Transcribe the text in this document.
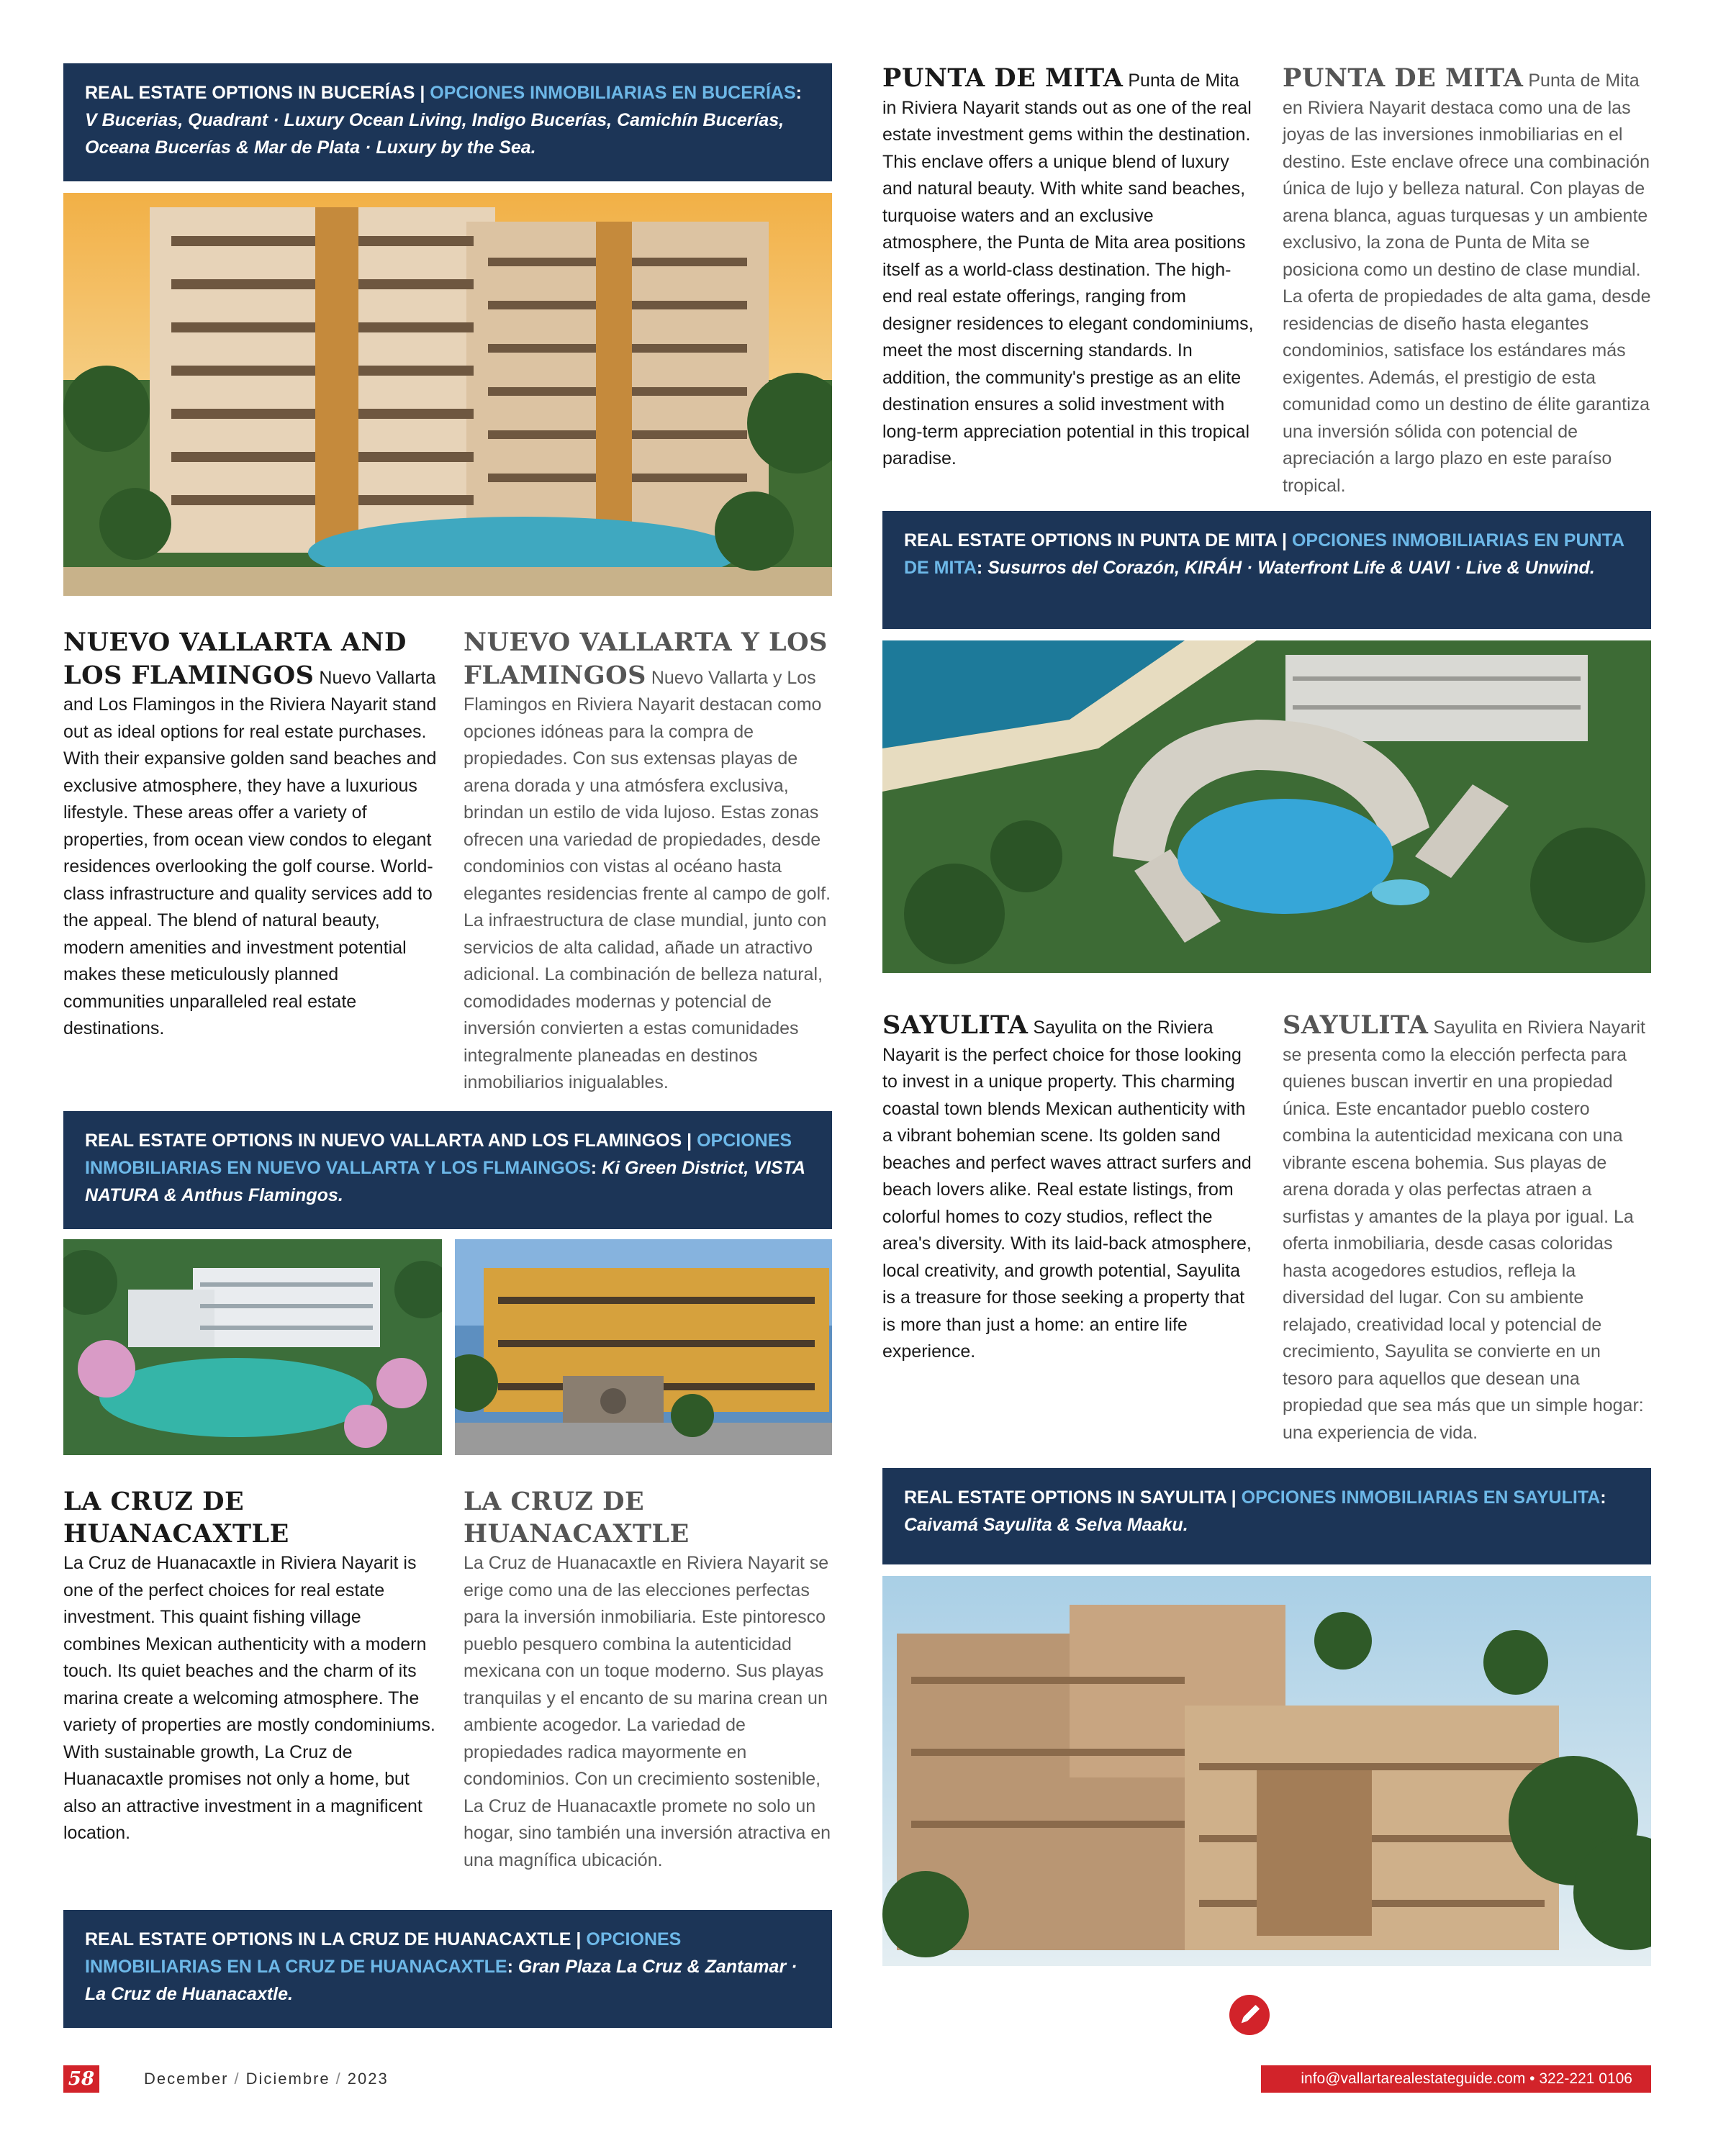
REAL ESTATE OPTIONS IN BUCERÍAS | OPCIONES INMOBILIARIAS EN BUCERÍAS: V Bucerias, Quadrant · Luxury Ocean Living, Indigo Bucerías, Camichín Bucerías, Oceana Bucerías & Mar de Plata · Luxury by the Sea.
NUEVO VALLARTA AND LOS FLAMINGOS Nuevo Vallarta and Los Flamingos in the Riviera Nayarit stand out as ideal options for real estate purchases. With their expansive golden sand beaches and exclusive atmosphere, they have a luxurious lifestyle. These areas offer a variety of properties, from ocean view condos to elegant residences overlooking the golf course. World-class infrastructure and quality services add to the appeal. The blend of natural beauty, modern amenities and investment potential makes these meticulously planned communities unparalleled real estate destinations.
NUEVO VALLARTA Y LOS FLAMINGOS Nuevo Vallarta y Los Flamingos en Riviera Nayarit destacan como opciones idóneas para la compra de propiedades. Con sus extensas playas de arena dorada y una atmósfera exclusiva, brindan un estilo de vida lujoso. Estas zonas ofrecen una variedad de propiedades, desde condominios con vistas al océano hasta elegantes residencias frente al campo de golf. La infraestructura de clase mundial, junto con servicios de alta calidad, añade un atractivo adicional. La combinación de belleza natural, comodidades modernas y potencial de inversión convierten a estas comunidades integralmente planeadas en destinos inmobiliarios inigualables.
REAL ESTATE OPTIONS IN NUEVO VALLARTA AND LOS FLAMINGOS | OPCIONES INMOBILIARIAS EN NUEVO VALLARTA Y LOS FLMAINGOS: Ki Green District, VISTA NATURA & Anthus Flamingos.
LA CRUZ DE HUANACAXTLE
La Cruz de Huanacaxtle in Riviera Nayarit is one of the perfect choices for real estate investment. This quaint fishing village combines Mexican authenticity with a modern touch. Its quiet beaches and the charm of its marina create a welcoming atmosphere. The variety of properties are mostly condominiums. With sustainable growth, La Cruz de Huanacaxtle promises not only a home, but also an attractive investment in a magnificent location.
LA CRUZ DE HUANACAXTLE
La Cruz de Huanacaxtle en Riviera Nayarit se erige como una de las elecciones perfectas para la inversión inmobiliaria. Este pintoresco pueblo pesquero combina la autenticidad mexicana con un toque moderno. Sus playas tranquilas y el encanto de su marina crean un ambiente acogedor. La variedad de propiedades radica mayormente en condominios. Con un crecimiento sostenible, La Cruz de Huanacaxtle promete no solo un hogar, sino también una inversión atractiva en una magnífica ubicación.
REAL ESTATE OPTIONS IN LA CRUZ DE HUANACAXTLE | OPCIONES INMOBILIARIAS EN LA CRUZ DE HUANACAXTLE: Gran Plaza La Cruz & Zantamar · La Cruz de Huanacaxtle.
PUNTA DE MITA Punta de Mita in Riviera Nayarit stands out as one of the real estate investment gems within the destination. This enclave offers a unique blend of luxury and natural beauty. With white sand beaches, turquoise waters and an exclusive atmosphere, the Punta de Mita area positions itself as a world-class destination. The high-end real estate offerings, ranging from designer residences to elegant condominiums, meet the most discerning standards. In addition, the community's prestige as an elite destination ensures a solid investment with long-term appreciation potential in this tropical paradise.
PUNTA DE MITA Punta de Mita en Riviera Nayarit destaca como una de las joyas de las inversiones inmobiliarias en el destino. Este enclave ofrece una combinación única de lujo y belleza natural. Con playas de arena blanca, aguas turquesas y un ambiente exclusivo, la zona de Punta de Mita se posiciona como un destino de clase mundial. La oferta de propiedades de alta gama, desde residencias de diseño hasta elegantes condominios, satisface los estándares más exigentes. Además, el prestigio de esta comunidad como un destino de élite garantiza una inversión sólida con potencial de apreciación a largo plazo en este paraíso tropical.
REAL ESTATE OPTIONS IN PUNTA DE MITA | OPCIONES INMOBILIARIAS EN PUNTA DE MITA: Susurros del Corazón, KIRÁH · Waterfront Life & UAVI · Live & Unwind.
SAYULITA Sayulita on the Riviera Nayarit is the perfect choice for those looking to invest in a unique property. This charming coastal town blends Mexican authenticity with a vibrant bohemian scene. Its golden sand beaches and perfect waves attract surfers and beach lovers alike. Real estate listings, from colorful homes to cozy studios, reflect the area's diversity. With its laid-back atmosphere, local creativity, and growth potential, Sayulita is a treasure for those seeking a property that is more than just a home: an entire life experience.
SAYULITA Sayulita en Riviera Nayarit se presenta como la elección perfecta para quienes buscan invertir en una propiedad única. Este encantador pueblo costero combina la autenticidad mexicana con una vibrante escena bohemia. Sus playas de arena dorada y olas perfectas atraen a surfistas y amantes de la playa por igual. La oferta inmobiliaria, desde casas coloridas hasta acogedores estudios, refleja la diversidad del lugar. Con su ambiente relajado, creatividad local y potencial de crecimiento, Sayulita se convierte en un tesoro para aquellos que desean una propiedad que sea más que un simple hogar: una experiencia de vida.
REAL ESTATE OPTIONS IN SAYULITA | OPCIONES INMOBILIARIAS EN SAYULITA: Caivamá Sayulita & Selva Maaku.
58	December / Diciembre / 2023	info@vallartarealestateguide.com • 322-221 0106
